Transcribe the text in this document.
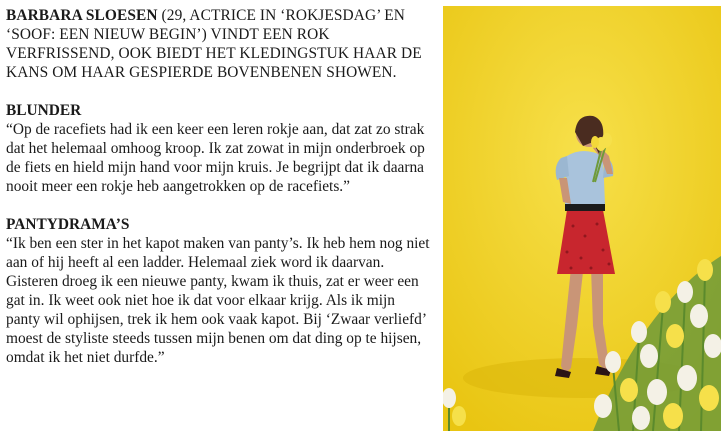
BARBARA SLOESEN (29, ACTRICE IN ‘ROKJESDAG’ EN ‘SOOF: EEN NIEUW BEGIN’) VINDT EEN ROK VERFRISSEND, OOK BIEDT HET KLEDINGSTUK HAAR DE KANS OM HAAR GESPIERDE BOVENBENEN SHOWEN.

BLUNDER

“Op de racefiets had ik een keer een leren rokje aan, dat zat zo strak dat het helemaal omhoog kroop. Ik zat zowat in mijn onderbroek op de fiets en hield mijn hand voor mijn kruis. Je begrijpt dat ik daarna nooit meer een rokje heb aangetrokken op de racefiets.”

PANTYDRAMA’S

“Ik ben een ster in het kapot maken van panty’s. Ik heb hem nog niet aan of hij heeft al een ladder. Helemaal ziek word ik daarvan. Gisteren droeg ik een nieuwe panty, kwam ik thuis, zat er weer een gat in. Ik weet ook niet hoe ik dat voor elkaar krijg. Als ik mijn panty wil ophijsen, trek ik hem ook vaak kapot. Bij ‘Zwaar verliefd’ moest de styliste steeds tussen mijn benen om dat ding op te hijsen, omdat ik het niet durfde.”
